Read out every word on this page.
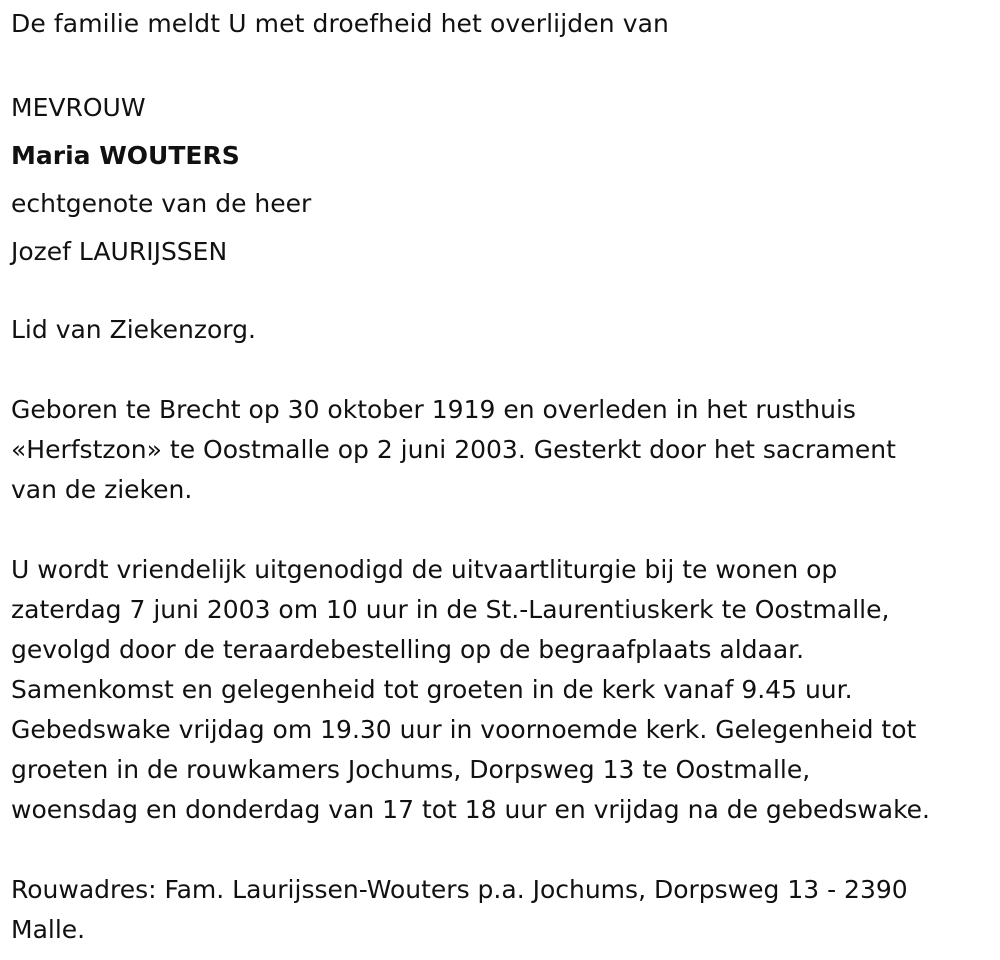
De familie meldt U met droefheid het overlijden van

MEVROUW

Maria WOUTERS

echtgenote van de heer

Jozef LAURIJSSEN

Lid van Ziekenzorg.

Geboren te Brecht op 30 oktober 1919 en overleden in het rusthuis

«Herfstzon» te Oostmalle op 2 juni 2003. Gesterkt door het sacrament

van de zieken.

U wordt vriendelijk uitgenodigd de uitvaartliturgie bij te wonen op

zaterdag 7 juni 2003 om 10 uur in de St.-Laurentiuskerk te Oostmalle,

gevolgd door de teraardebestelling op de begraafplaats aldaar.

Samenkomst en gelegenheid tot groeten in de kerk vanaf 9.45 uur.

Gebedswake vrijdag om 19.30 uur in voornoemde kerk. Gelegenheid tot

groeten in de rouwkamers Jochums, Dorpsweg 13 te Oostmalle,

woensdag en donderdag van 17 tot 18 uur en vrijdag na de gebedswake.

Rouwadres: Fam. Laurijssen-Wouters p.a. Jochums, Dorpsweg 13 - 2390

Malle.
